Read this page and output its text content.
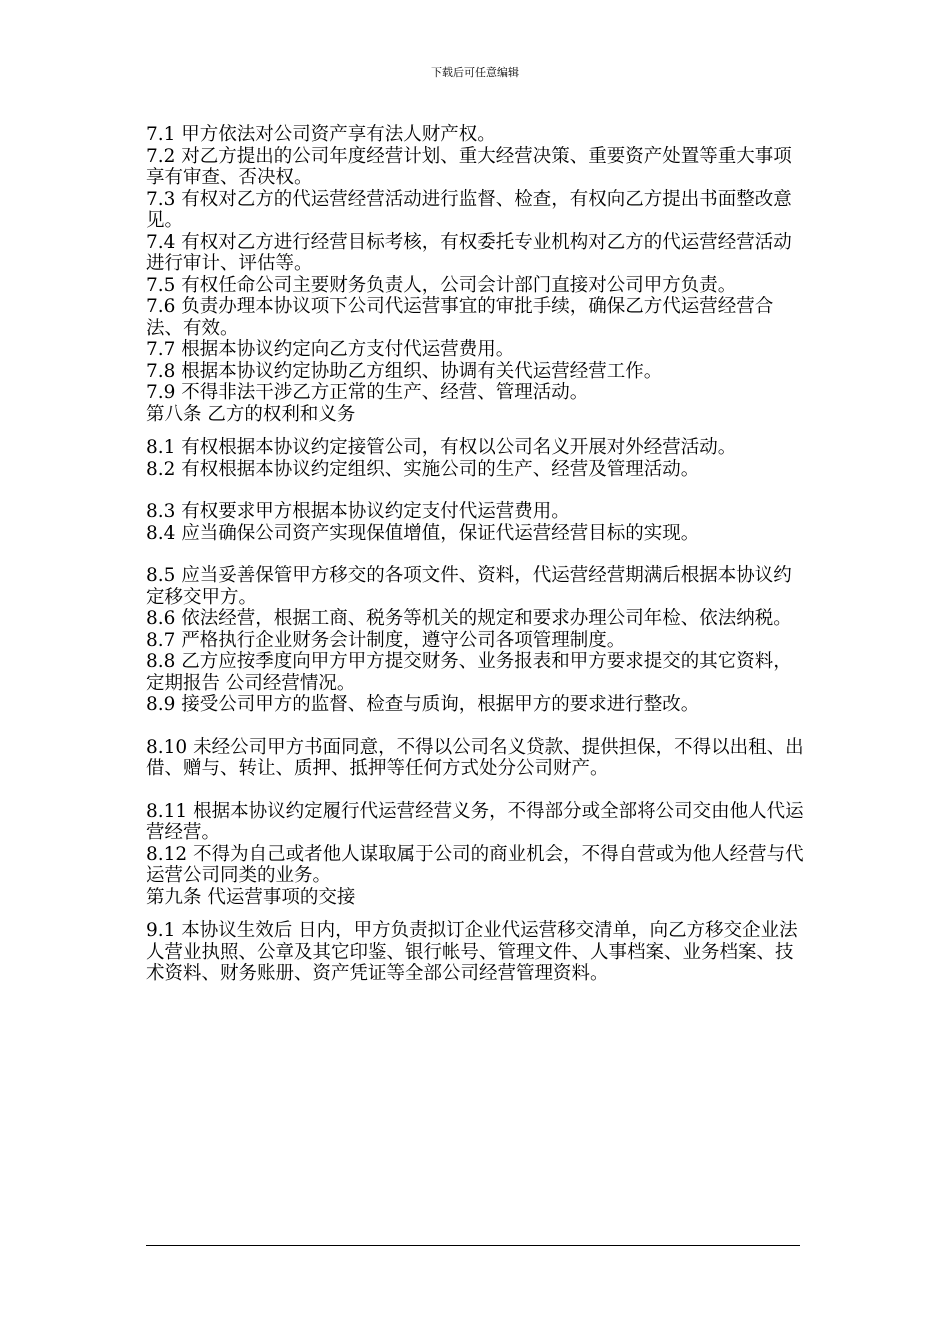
下载后可任意编辑

7.1 甲方依法对公司资产享有法人财产权。

7.2 对乙方提出的公司年度经营计划、重大经营决策、重要资产处置等重大事项享有审查、否决权。

7.3 有权对乙方的代运营经营活动进行监督、检查，有权向乙方提出书面整改意见。

7.4 有权对乙方进行经营目标考核，有权委托专业机构对乙方的代运营经营活动进行审计、评估等。

7.5 有权任命公司主要财务负责人，公司会计部门直接对公司甲方负责。

7.6 负责办理本协议项下公司代运营事宜的审批手续，确保乙方代运营经营合法、有效。

7.7 根据本协议约定向乙方支付代运营费用。

7.8 根据本协议约定协助乙方组织、协调有关代运营经营工作。

7.9 不得非法干涉乙方正常的生产、经营、管理活动。

第八条 乙方的权利和义务

8.1 有权根据本协议约定接管公司，有权以公司名义开展对外经营活动。

8.2 有权根据本协议约定组织、实施公司的生产、经营及管理活动。

8.3 有权要求甲方根据本协议约定支付代运营费用。

8.4 应当确保公司资产实现保值增值，保证代运营经营目标的实现。

8.5 应当妥善保管甲方移交的各项文件、资料，代运营经营期满后根据本协议约定移交甲方。

8.6 依法经营，根据工商、税务等机关的规定和要求办理公司年检、依法纳税。

8.7 严格执行企业财务会计制度，遵守公司各项管理制度。

8.8 乙方应按季度向甲方甲方提交财务、业务报表和甲方要求提交的其它资料，定期报告 公司经营情况。

8.9 接受公司甲方的监督、检查与质询，根据甲方的要求进行整改。

8.10 未经公司甲方书面同意，不得以公司名义贷款、提供担保，不得以出租、出借、赠与、转让、质押、抵押等任何方式处分公司财产。

8.11 根据本协议约定履行代运营经营义务，不得部分或全部将公司交由他人代运营经营。

8.12 不得为自己或者他人谋取属于公司的商业机会，不得自营或为他人经营与代运营公司同类的业务。

第九条 代运营事项的交接

9.1 本协议生效后 日内，甲方负责拟订企业代运营移交清单，向乙方移交企业法人营业执照、公章及其它印鉴、银行帐号、管理文件、人事档案、业务档案、技术资料、财务账册、资产凭证等全部公司经营管理资料。
